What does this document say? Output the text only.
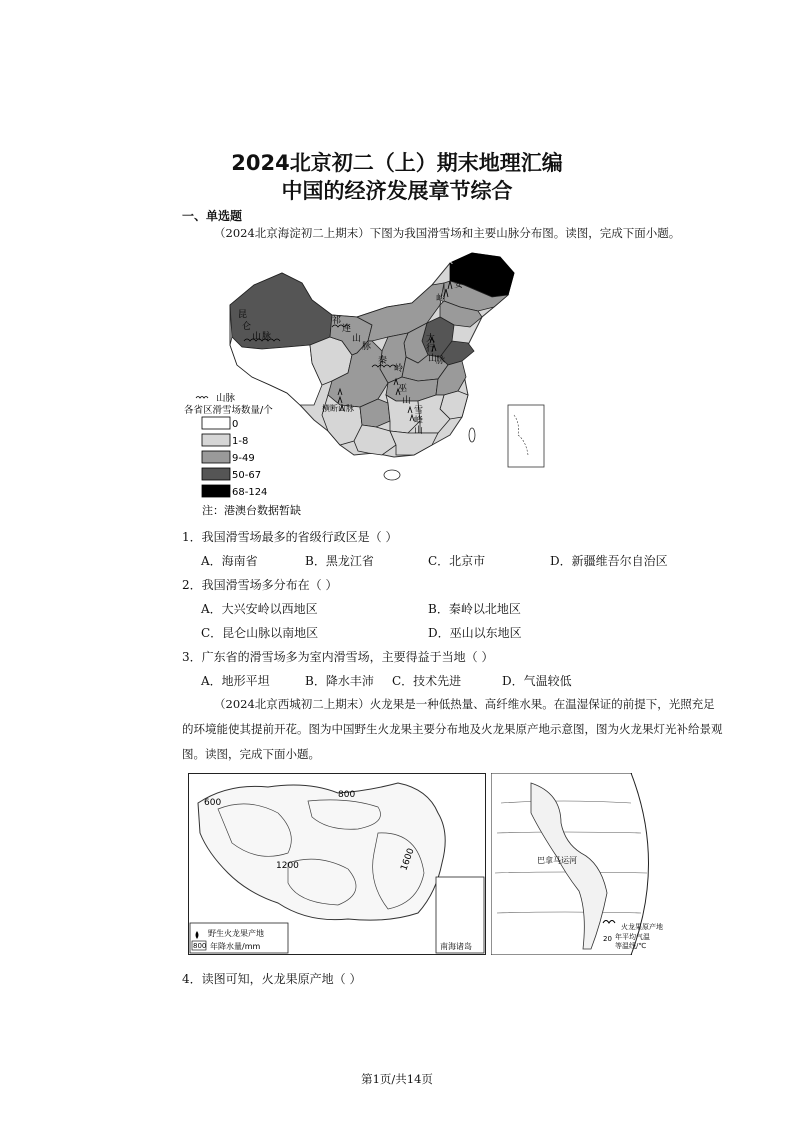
2024北京初二（上）期末地理汇编
中国的经济发展章节综合
一、单选题
（2024北京海淀初二上期末）下图为我国滑雪场和主要山脉分布图。读图，完成下面小题。
昆
仑
山 脉
祁
连
山
脉
秦
岭
巫
山
雪
峰
山
太
行
山
脉
大
兴
安
岭
横断山脉
山脉
各省区滑雪场数量/个
0
1-8
9-49
50-67
68-124
注：港澳台数据暂缺
1．我国滑雪场最多的省级行政区是（ ）
A．海南省	B．黑龙江省	C．北京市	D．新疆维吾尔自治区
2．我国滑雪场多分布在（ ）
A．大兴安岭以西地区	B．秦岭以北地区
C．昆仑山脉以南地区	D．巫山以东地区
3．广东省的滑雪场多为室内滑雪场，主要得益于当地（ ）
A．地形平坦	B．降水丰沛 C．技术先进	D．气温较低
（2024北京西城初二上期末）火龙果是一种低热量、高纤维水果。在温湿保证的前提下，光照充足的环境能使其提前开花。图为中国野生火龙果主要分布地及火龙果原产地示意图，图为火龙果灯光补给景观图。读图，完成下面小题。
600
800
1200	1600
南海诸岛
野生火龙果产地
800 年降水量/mm
巴拿马运河
火龙果原产地
年平均气温
等温线/℃
20
4．读图可知，火龙果原产地（ ）
第1页/共14页
